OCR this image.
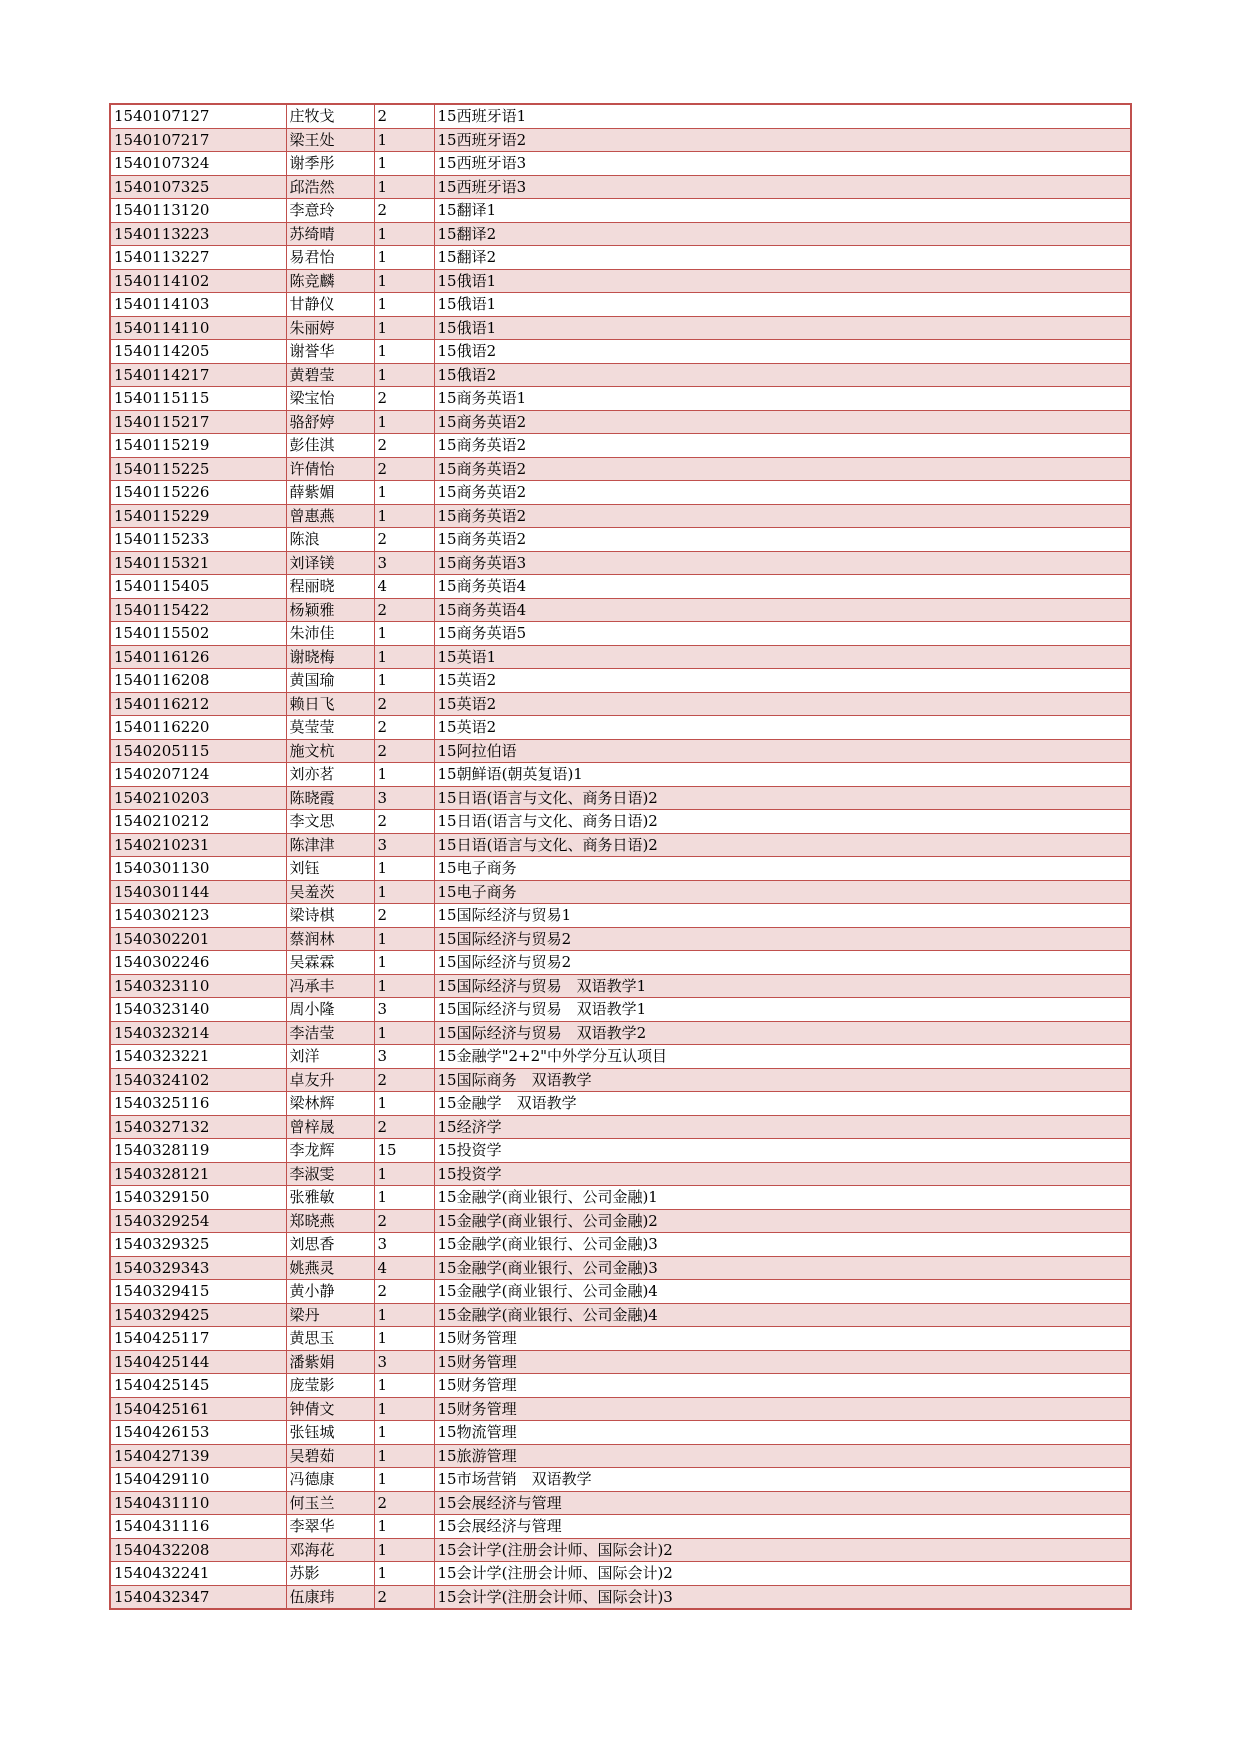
1540107127	庄牧戈	2	15西班牙语1
1540107217	梁王处	1	15西班牙语2
1540107324	谢季彤	1	15西班牙语3
1540107325	邱浩然	1	15西班牙语3
1540113120	李意玲	2	15翻译1
1540113223	苏绮晴	1	15翻译2
1540113227	易君怡	1	15翻译2
1540114102	陈竞麟	1	15俄语1
1540114103	甘静仪	1	15俄语1
1540114110	朱丽婷	1	15俄语1
1540114205	谢誉华	1	15俄语2
1540114217	黄碧莹	1	15俄语2
1540115115	梁宝怡	2	15商务英语1
1540115217	骆舒婷	1	15商务英语2
1540115219	彭佳淇	2	15商务英语2
1540115225	许倩怡	2	15商务英语2
1540115226	薛紫媚	1	15商务英语2
1540115229	曾惠燕	1	15商务英语2
1540115233	陈浪	2	15商务英语2
1540115321	刘译镁	3	15商务英语3
1540115405	程丽晓	4	15商务英语4
1540115422	杨颖雅	2	15商务英语4
1540115502	朱沛佳	1	15商务英语5
1540116126	谢晓梅	1	15英语1
1540116208	黄国瑜	1	15英语2
1540116212	赖日飞	2	15英语2
1540116220	莫莹莹	2	15英语2
1540205115	施文杭	2	15阿拉伯语
1540207124	刘亦茗	1	15朝鲜语(朝英复语)1
1540210203	陈晓霞	3	15日语(语言与文化、商务日语)2
1540210212	李文思	2	15日语(语言与文化、商务日语)2
1540210231	陈津津	3	15日语(语言与文化、商务日语)2
1540301130	刘钰	1	15电子商务
1540301144	吴羞茨	1	15电子商务
1540302123	梁诗棋	2	15国际经济与贸易1
1540302201	蔡润林	1	15国际经济与贸易2
1540302246	吴霖霖	1	15国际经济与贸易2
1540323110	冯承丰	1	15国际经济与贸易　双语教学1
1540323140	周小隆	3	15国际经济与贸易　双语教学1
1540323214	李洁莹	1	15国际经济与贸易　双语教学2
1540323221	刘洋	3	15金融学"2+2"中外学分互认项目
1540324102	卓友升	2	15国际商务　双语教学
1540325116	梁林辉	1	15金融学　双语教学
1540327132	曾梓晟	2	15经济学
1540328119	李龙辉	15	15投资学
1540328121	李淑雯	1	15投资学
1540329150	张雅敏	1	15金融学(商业银行、公司金融)1
1540329254	郑晓燕	2	15金融学(商业银行、公司金融)2
1540329325	刘思香	3	15金融学(商业银行、公司金融)3
1540329343	姚燕灵	4	15金融学(商业银行、公司金融)3
1540329415	黄小静	2	15金融学(商业银行、公司金融)4
1540329425	梁丹	1	15金融学(商业银行、公司金融)4
1540425117	黄思玉	1	15财务管理
1540425144	潘紫娟	3	15财务管理
1540425145	庞莹影	1	15财务管理
1540425161	钟倩文	1	15财务管理
1540426153	张钰城	1	15物流管理
1540427139	吴碧茹	1	15旅游管理
1540429110	冯德康	1	15市场营销　双语教学
1540431110	何玉兰	2	15会展经济与管理
1540431116	李翠华	1	15会展经济与管理
1540432208	邓海花	1	15会计学(注册会计师、国际会计)2
1540432241	苏影	1	15会计学(注册会计师、国际会计)2
1540432347	伍康玮	2	15会计学(注册会计师、国际会计)3
